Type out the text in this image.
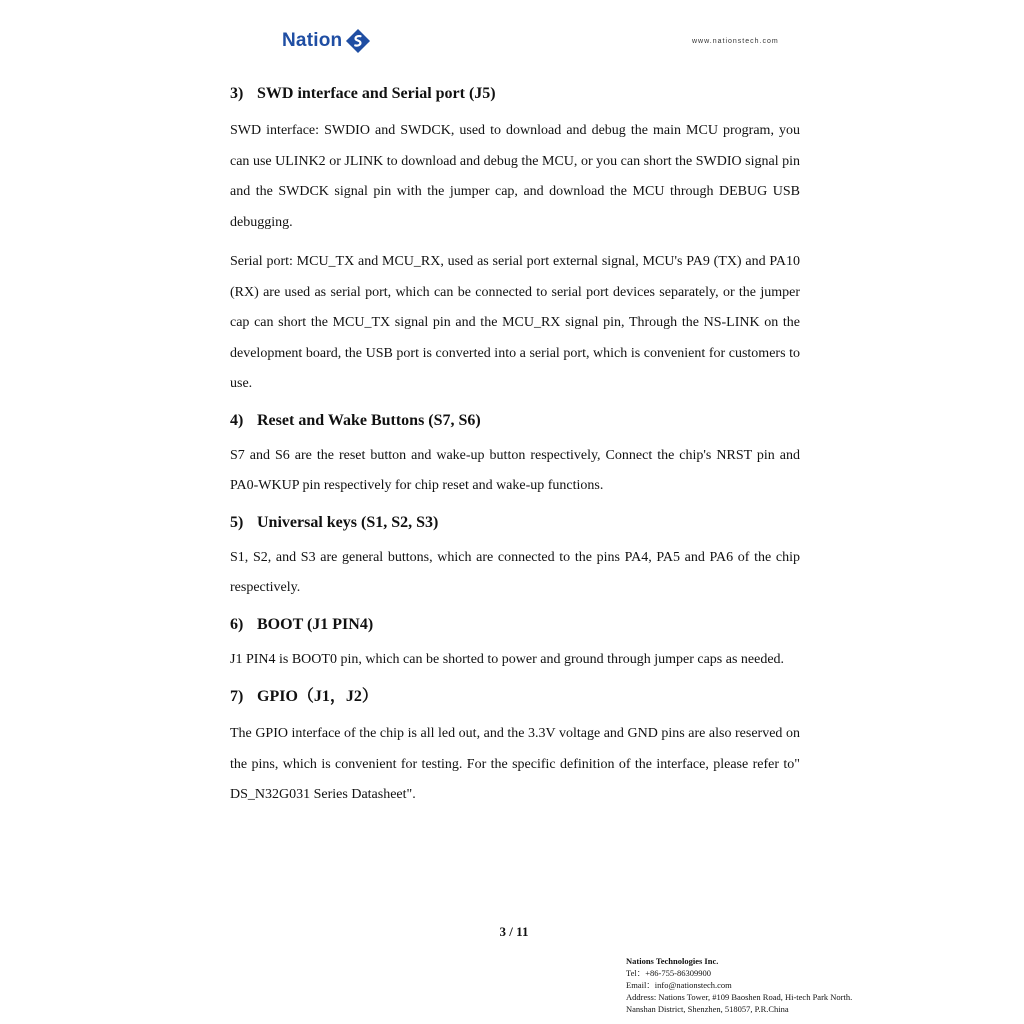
Nation	www.nationstech.com
3) SWD interface and Serial port (J5)

SWD interface: SWDIO and SWDCK, used to download and debug the main MCU program, you can use ULINK2 or JLINK to download and debug the MCU, or you can short the SWDIO signal pin and the SWDCK signal pin with the jumper cap, and download the MCU through DEBUG USB debugging.

Serial port: MCU_TX and MCU_RX, used as serial port external signal, MCU's PA9 (TX) and PA10 (RX) are used as serial port, which can be connected to serial port devices separately, or the jumper cap can short the MCU_TX signal pin and the MCU_RX signal pin, Through the NS-LINK on the development board, the USB port is converted into a serial port, which is convenient for customers to use.

4) Reset and Wake Buttons (S7, S6)

S7 and S6 are the reset button and wake-up button respectively, Connect the chip's NRST pin and PA0-WKUP pin respectively for chip reset and wake-up functions.

5) Universal keys (S1, S2, S3)

S1, S2, and S3 are general buttons, which are connected to the pins PA4, PA5 and PA6 of the chip respectively.

6) BOOT (J1 PIN4)

J1 PIN4 is BOOT0 pin, which can be shorted to power and ground through jumper caps as needed.

7) GPIO（J1，J2）

The GPIO interface of the chip is all led out, and the 3.3V voltage and GND pins are also reserved on the pins, which is convenient for testing. For the specific definition of the interface, please refer to" DS_N32G031 Series Datasheet".

3 / 11
Nations Technologies Inc.
Tel：+86-755-86309900
Email：info@nationstech.com
Address: Nations Tower, #109 Baoshen Road, Hi-tech Park North.
Nanshan District, Shenzhen, 518057, P.R.China
